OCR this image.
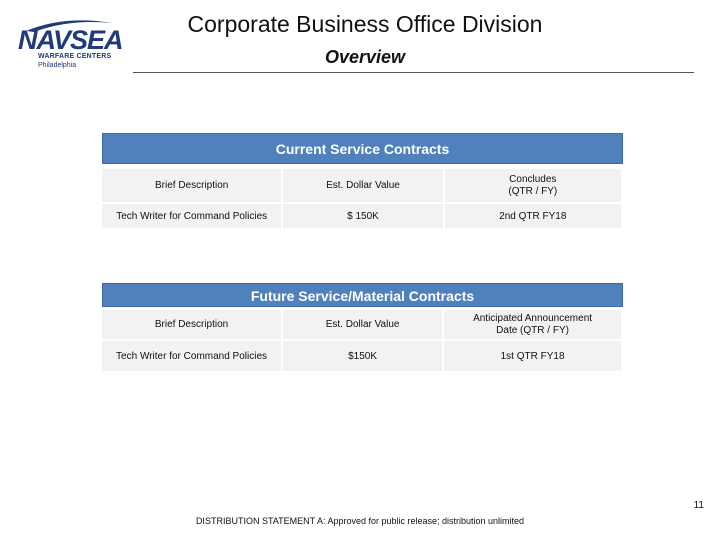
NAVSEA
WARFARE CENTERS
Philadelphia
Corporate Business Office Division
Overview
Current Service Contracts
Brief Description	Est. Dollar Value	Concludes
(QTR / FY)
Tech Writer for Command Policies	$ 150K	2nd QTR FY18
Future Service/Material Contracts
Brief Description	Est. Dollar Value	Anticipated Announcement
Date (QTR / FY)
Tech Writer for Command Policies	$150K	1st QTR FY18
11
DISTRIBUTION STATEMENT A: Approved for public release; distribution unlimited
